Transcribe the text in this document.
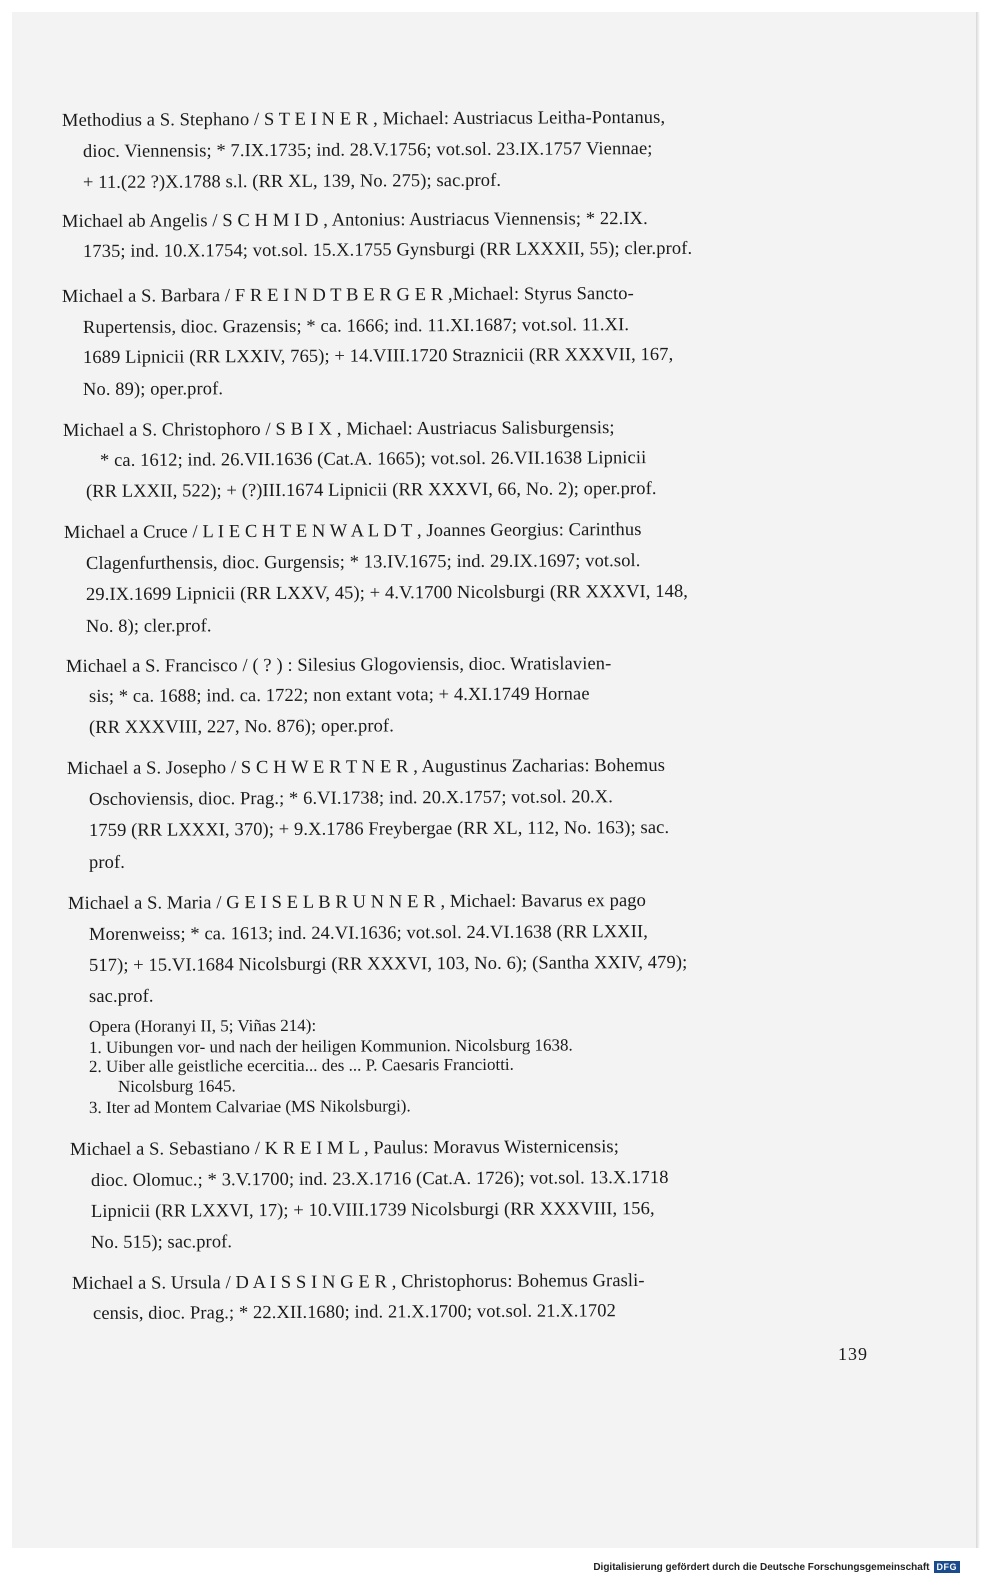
Methodius a S. Stephano / S T E I N E R , Michael: Austriacus Leitha-Pontanus,

dioc. Viennensis; * 7.IX.1735; ind. 28.V.1756; vot.sol. 23.IX.1757 Viennae;

+ 11.(22 ?)X.1788 s.l. (RR XL, 139, No. 275); sac.prof.

Michael ab Angelis / S C H M I D , Antonius: Austriacus Viennensis; * 22.IX.

1735; ind. 10.X.1754; vot.sol. 15.X.1755 Gynsburgi (RR LXXXII, 55); cler.prof.

Michael a S. Barbara / F R E I N D T B E R G E R ,Michael: Styrus Sancto-

Rupertensis, dioc. Grazensis; * ca. 1666; ind. 11.XI.1687; vot.sol. 11.XI.

1689 Lipnicii (RR LXXIV, 765); + 14.VIII.1720 Straznicii (RR XXXVII, 167,

No. 89); oper.prof.

Michael a S. Christophoro / S B I X , Michael: Austriacus Salisburgensis;

* ca. 1612; ind. 26.VII.1636 (Cat.A. 1665); vot.sol. 26.VII.1638 Lipnicii

(RR LXXII, 522); + (?)III.1674 Lipnicii (RR XXXVI, 66, No. 2); oper.prof.

Michael a Cruce / L I E C H T E N W A L D T , Joannes Georgius: Carinthus

Clagenfurthensis, dioc. Gurgensis; * 13.IV.1675; ind. 29.IX.1697; vot.sol.

29.IX.1699 Lipnicii (RR LXXV, 45); + 4.V.1700 Nicolsburgi (RR XXXVI, 148,

No. 8); cler.prof.

Michael a S. Francisco / ( ? ) : Silesius Glogoviensis, dioc. Wratislavien-

sis; * ca. 1688; ind. ca. 1722; non extant vota; + 4.XI.1749 Hornae

(RR XXXVIII, 227, No. 876); oper.prof.

Michael a S. Josepho / S C H W E R T N E R , Augustinus Zacharias: Bohemus

Oschoviensis, dioc. Prag.; * 6.VI.1738; ind. 20.X.1757; vot.sol. 20.X.

1759 (RR LXXXI, 370); + 9.X.1786 Freybergae (RR XL, 112, No. 163); sac.

prof.

Michael a S. Maria / G E I S E L B R U N N E R , Michael: Bavarus ex pago

Morenweiss; * ca. 1613; ind. 24.VI.1636; vot.sol. 24.VI.1638 (RR LXXII,

517); + 15.VI.1684 Nicolsburgi (RR XXXVI, 103, No. 6); (Santha XXIV, 479);

sac.prof.

Opera (Horanyi II, 5; Viñas 214):

1. Uibungen vor- und nach der heiligen Kommunion. Nicolsburg 1638.

2. Uiber alle geistliche ecercitia... des ... P. Caesaris Franciotti.

Nicolsburg 1645.

3. Iter ad Montem Calvariae (MS Nikolsburgi).

Michael a S. Sebastiano / K R E I M L , Paulus: Moravus Wisternicensis;

dioc. Olomuc.; * 3.V.1700; ind. 23.X.1716 (Cat.A. 1726); vot.sol. 13.X.1718

Lipnicii (RR LXXVI, 17); + 10.VIII.1739 Nicolsburgi (RR XXXVIII, 156,

No. 515); sac.prof.

Michael a S. Ursula / D A I S S I N G E R , Christophorus: Bohemus Grasli-

censis, dioc. Prag.; * 22.XII.1680; ind. 21.X.1700; vot.sol. 21.X.1702

139
Digitalisierung gefördert durch die Deutsche Forschungsgemeinschaft DFG
